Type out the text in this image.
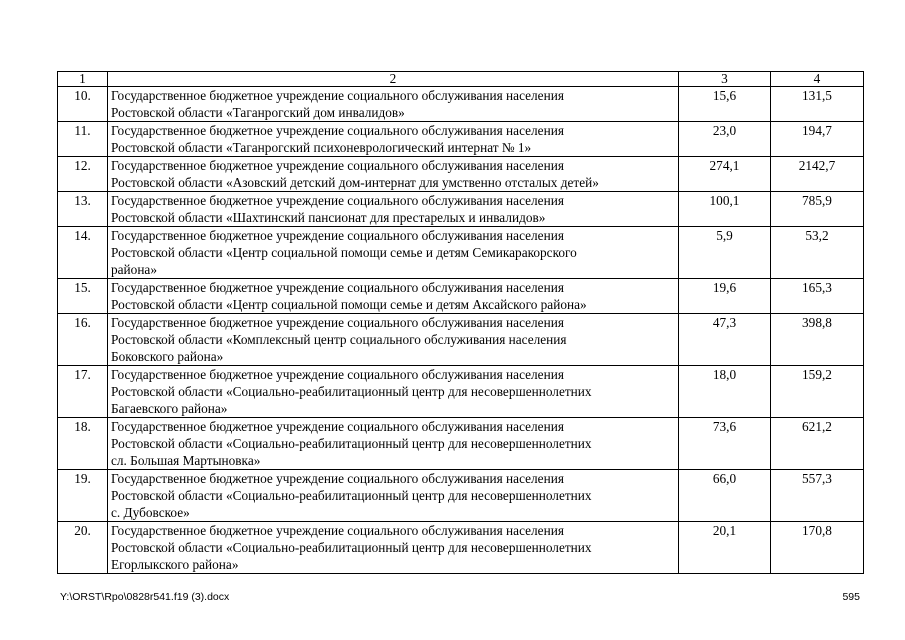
1	2	3	4
10.	Государственное бюджетное учреждение социального обслуживания населения
Ростовской области «Таганрогский дом инвалидов»	15,6	131,5
11.	Государственное бюджетное учреждение социального обслуживания населения
Ростовской области «Таганрогский психоневрологический интернат № 1»	23,0	194,7
12.	Государственное бюджетное учреждение социального обслуживания населения
Ростовской области «Азовский детский дом-интернат для умственно отсталых детей»	274,1	2142,7
13.	Государственное бюджетное учреждение социального обслуживания населения
Ростовской области «Шахтинский пансионат для престарелых и инвалидов»	100,1	785,9
14.	Государственное бюджетное учреждение социального обслуживания населения
Ростовской области «Центр социальной помощи семье и детям Семикаракорского
района»	5,9	53,2
15.	Государственное бюджетное учреждение социального обслуживания населения
Ростовской области «Центр социальной помощи семье и детям Аксайского района»	19,6	165,3
16.	Государственное бюджетное учреждение социального обслуживания населения
Ростовской области «Комплексный центр социального обслуживания населения
Боковского района»	47,3	398,8
17.	Государственное бюджетное учреждение социального обслуживания населения
Ростовской области «Социально-реабилитационный центр для несовершеннолетних
Багаевского района»	18,0	159,2
18.	Государственное бюджетное учреждение социального обслуживания населения
Ростовской области «Социально-реабилитационный центр для несовершеннолетних
сл. Большая Мартыновка»	73,6	621,2
19.	Государственное бюджетное учреждение социального обслуживания населения
Ростовской области «Социально-реабилитационный центр для несовершеннолетних
с. Дубовское»	66,0	557,3
20.	Государственное бюджетное учреждение социального обслуживания населения
Ростовской области «Социально-реабилитационный центр для несовершеннолетних
Егорлыкского района»	20,1	170,8
Y:\ORST\Rpo\0828r541.f19 (3).docx	595
